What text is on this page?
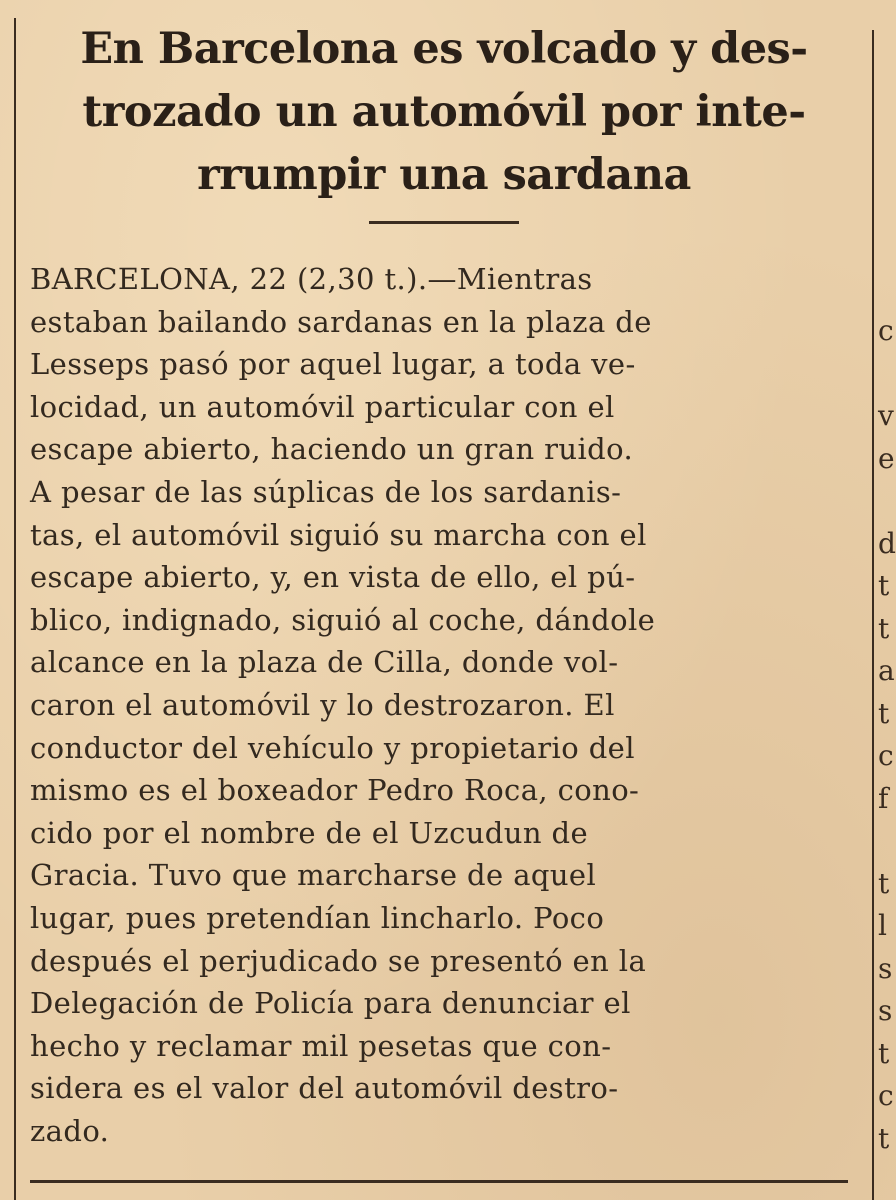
c

v
e

d
t
t
a
t
c
f

t
l
s
s
t
c
t
En Barcelona es volcado y des-
trozado un automóvil por inte-
rrumpir una sardana
BARCELONA, 22 (2,30 t.).—Mientras
estaban bailando sardanas en la plaza de
Lesseps pasó por aquel lugar, a toda ve-
locidad, un automóvil particular con el
escape abierto, haciendo un gran ruido.
A pesar de las súplicas de los sardanis-
tas, el automóvil siguió su marcha con el
escape abierto, y, en vista de ello, el pú-
blico, indignado, siguió al coche, dándole
alcance en la plaza de Cilla, donde vol-
caron el automóvil y lo destrozaron. El
conductor del vehículo y propietario del
mismo es el boxeador Pedro Roca, cono-
cido por el nombre de el Uzcudun de
Gracia. Tuvo que marcharse de aquel
lugar, pues pretendían lincharlo. Poco
después el perjudicado se presentó en la
Delegación de Policía para denunciar el
hecho y reclamar mil pesetas que con-
sidera es el valor del automóvil destro-
zado.
